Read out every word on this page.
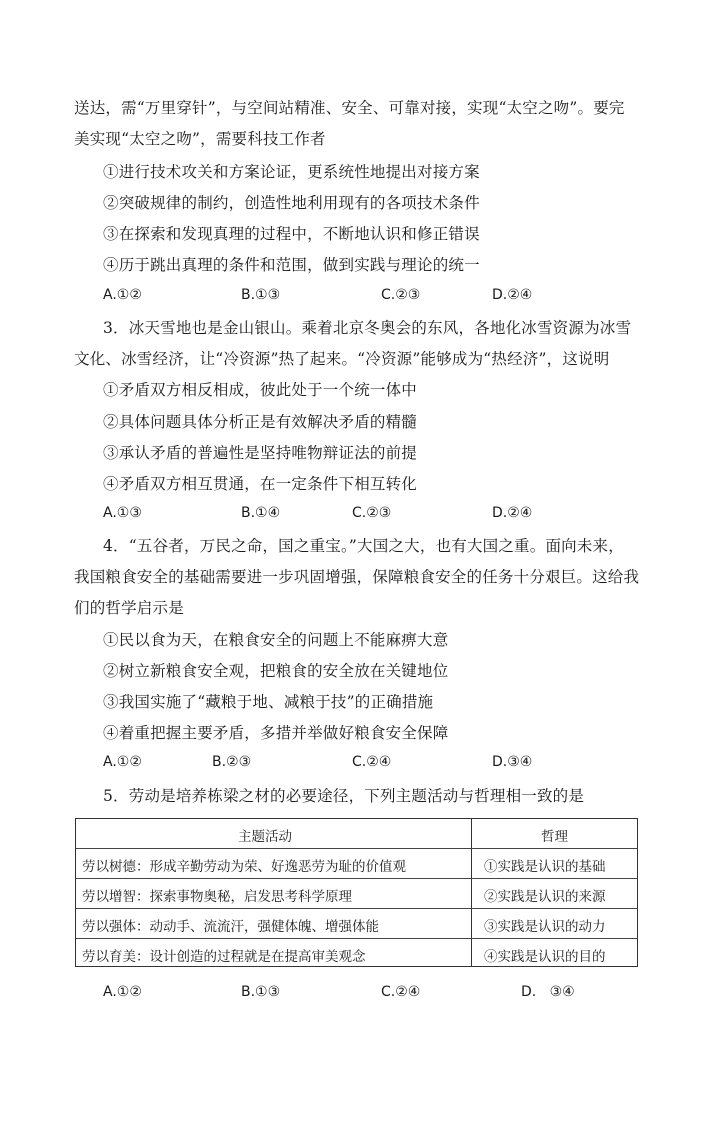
送达，需“万里穿针”，与空间站精准、安全、可靠对接，实现“太空之吻”。要完
美实现“太空之吻”，需要科技工作者
①进行技术攻关和方案论证，更系统性地提出对接方案
②突破规律的制约，创造性地利用现有的各项技术条件
③在探索和发现真理的过程中，不断地认识和修正错误
④历于跳出真理的条件和范围，做到实践与理论的统一
A.①②	B.①③	C.②③	D.②④
3．冰天雪地也是金山银山。乘着北京冬奥会的东风，各地化冰雪资源为冰雪
文化、冰雪经济，让“冷资源”热了起来。“冷资源”能够成为“热经济”，这说明
①矛盾双方相反相成，彼此处于一个统一体中
②具体问题具体分析正是有效解决矛盾的精髓
③承认矛盾的普遍性是坚持唯物辩证法的前提
④矛盾双方相互贯通，在一定条件下相互转化
A.①③	B.①④	C.②③	D.②④
4．“五谷者，万民之命，国之重宝。”大国之大，也有大国之重。面向未来，
我国粮食安全的基础需要进一步巩固增强，保障粮食安全的任务十分艰巨。这给我
们的哲学启示是
①民以食为天，在粮食安全的问题上不能麻痹大意
②树立新粮食安全观，把粮食的安全放在关键地位
③我国实施了“藏粮于地、减粮于技”的正确措施
④着重把握主要矛盾，多措并举做好粮食安全保障
A.①②	B.②③	C.②④	D.③④
5．劳动是培养栋梁之材的必要途径，下列主题活动与哲理相一致的是
主题活动	哲理
劳以树德：形成辛勤劳动为荣、好逸恶劳为耻的价值观	①实践是认识的基础
劳以增智：探索事物奥秘，启发思考科学原理	②实践是认识的来源
劳以强体：动动手、流流汗，强健体魄、增强体能	③实践是认识的动力
劳以育美：设计创造的过程就是在提高审美观念	④实践是认识的目的
A.①②	B.①③	C.②④	D.   ③④
